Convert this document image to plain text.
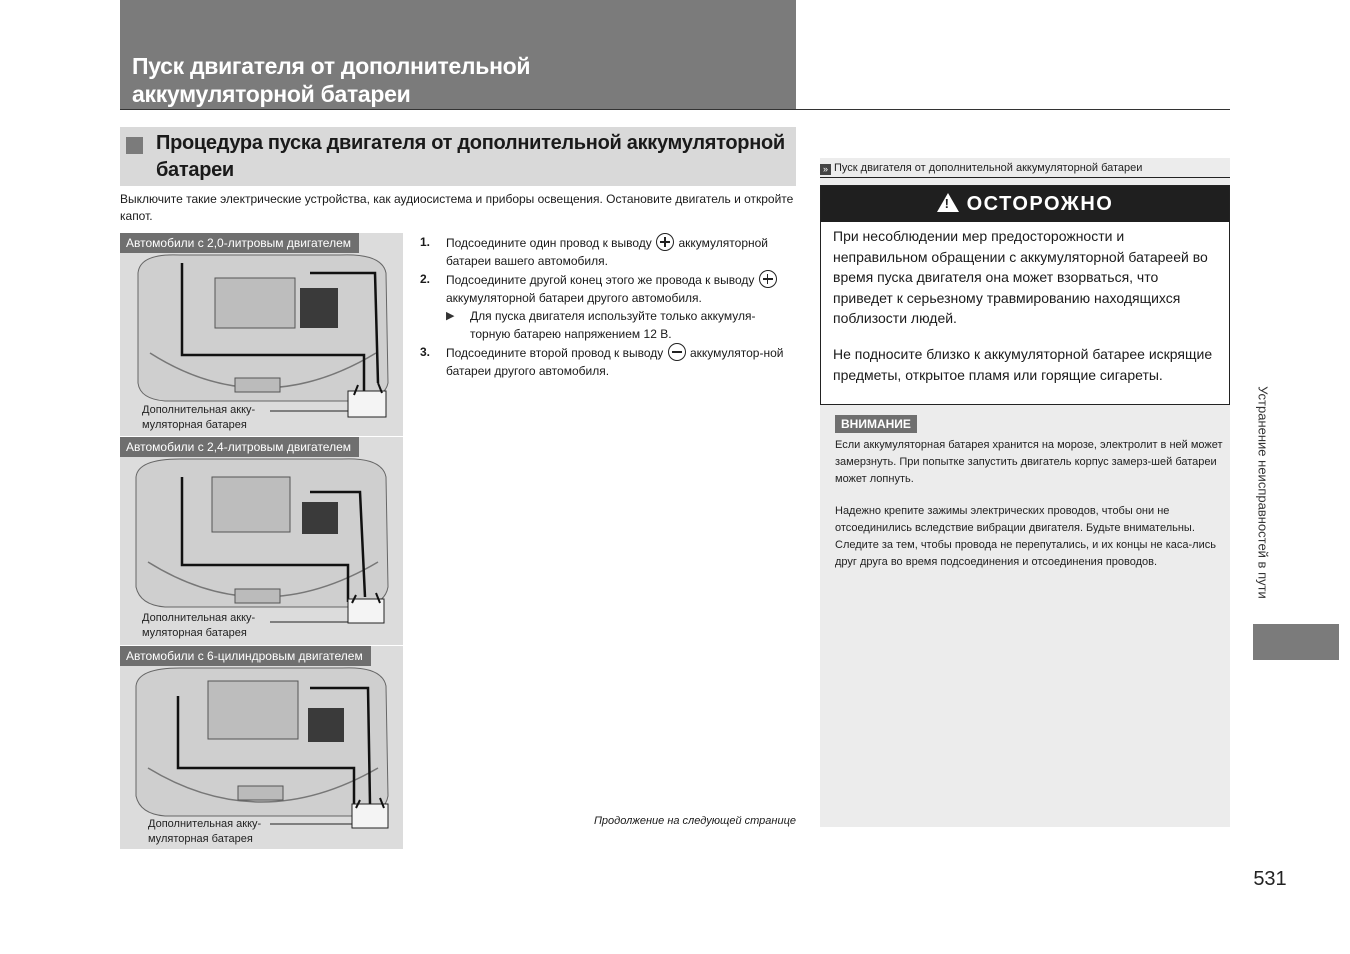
Пуск двигателя от дополнительной
аккумуляторной батареи
Процедура пуска двигателя от дополнительной аккумуляторной батареи
Выключите такие электрические устройства, как аудиосистема и приборы освещения. Остановите двигатель и откройте капот.
Автомобили с 2,0-литровым двигателем
Дополнительная акку-
муляторная батарея
Автомобили с 2,4-литровым двигателем
Дополнительная акку-
муляторная батарея
Автомобили с 6-цилиндровым двигателем
Дополнительная акку-
муляторная батарея

1. Подсоедините один провод к выводу аккумуляторной батареи вашего автомобиля.

2. Подсоедините другой конец этого же провода к выводу  аккумуляторной батареи другого автомобиля.
▶ Для пуска двигателя используйте только аккумуля-торную батарею напряжением 12 В.

3. Подсоедините второй провод к выводу аккумулятор-ной батареи другого автомобиля.

Продолжение на следующей странице
» Пуск двигателя от дополнительной аккумуляторной батареи
! ОСТОРОЖНО
При несоблюдении мер предосторожности и неправильном обращении с аккумуляторной батареей во время пуска двигателя она может взорваться, что приведет к серьезному травмированию находящихся поблизости людей.
Не подносите близко к аккумуляторной батарее искрящие предметы, открытое пламя или горящие сигареты.
ВНИМАНИЕ
Если аккумуляторная батарея хранится на морозе, электролит в ней может замерзнуть. При попытке запустить двигатель корпус замерз-шей батареи может лопнуть.
Надежно крепите зажимы электрических проводов, чтобы они не отсоединились вследствие вибрации двигателя. Будьте внимательны. Следите за тем, чтобы провода не перепутались, и их концы не каса-лись друг друга во время подсоединения и отсоединения проводов.	Устранение неисправностей в пути
531
